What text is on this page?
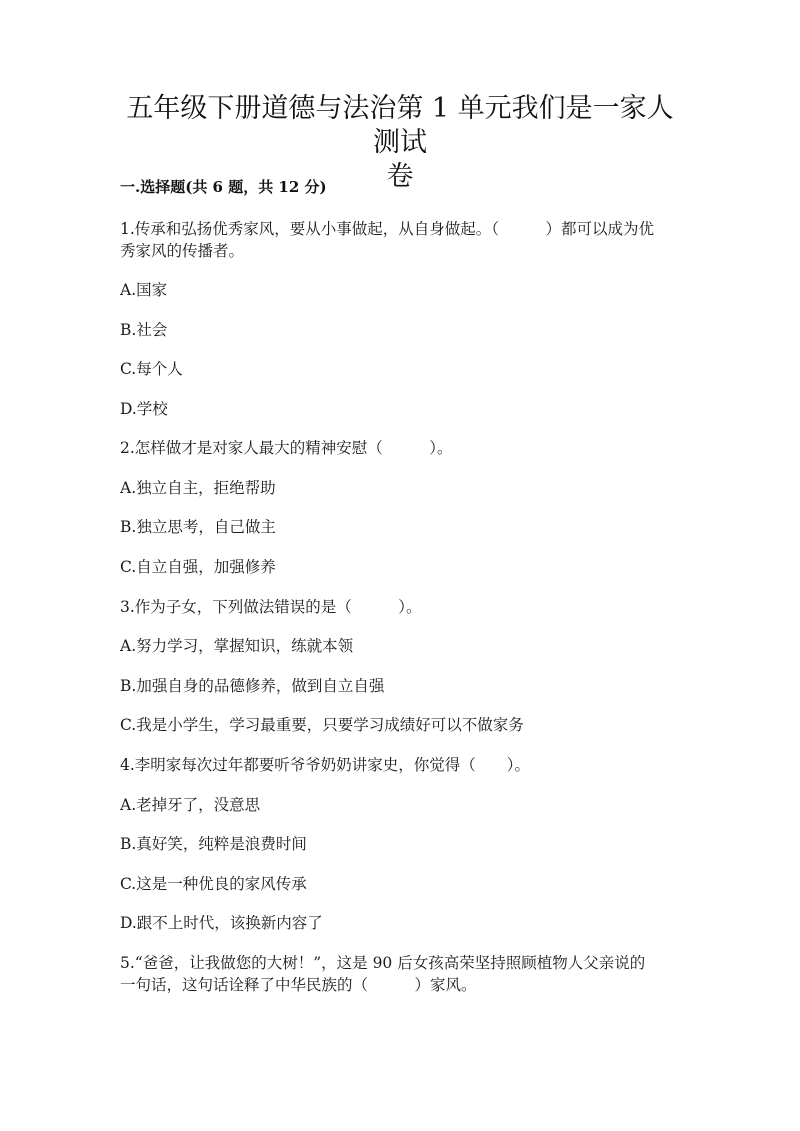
五年级下册道德与法治第 1 单元我们是一家人测试
卷
一.选择题(共 6 题，共 12 分)
1.传承和弘扬优秀家风，要从小事做起，从自身做起。（　　　）都可以成为优
秀家风的传播者。
A.国家
B.社会
C.每个人
D.学校
2.怎样做才是对家人最大的精神安慰（　　　）。
A.独立自主，拒绝帮助
B.独立思考，自己做主
C.自立自强，加强修养
3.作为子女，下列做法错误的是（　　　）。
A.努力学习，掌握知识，练就本领
B.加强自身的品德修养，做到自立自强
C.我是小学生，学习最重要，只要学习成绩好可以不做家务
4.李明家每次过年都要听爷爷奶奶讲家史，你觉得（　　）。
A.老掉牙了，没意思
B.真好笑，纯粹是浪费时间
C.这是一种优良的家风传承
D.跟不上时代，该换新内容了
5.“爸爸，让我做您的大树！”，这是 90 后女孩高荣坚持照顾植物人父亲说的
一句话，这句话诠释了中华民族的（　　　）家风。
